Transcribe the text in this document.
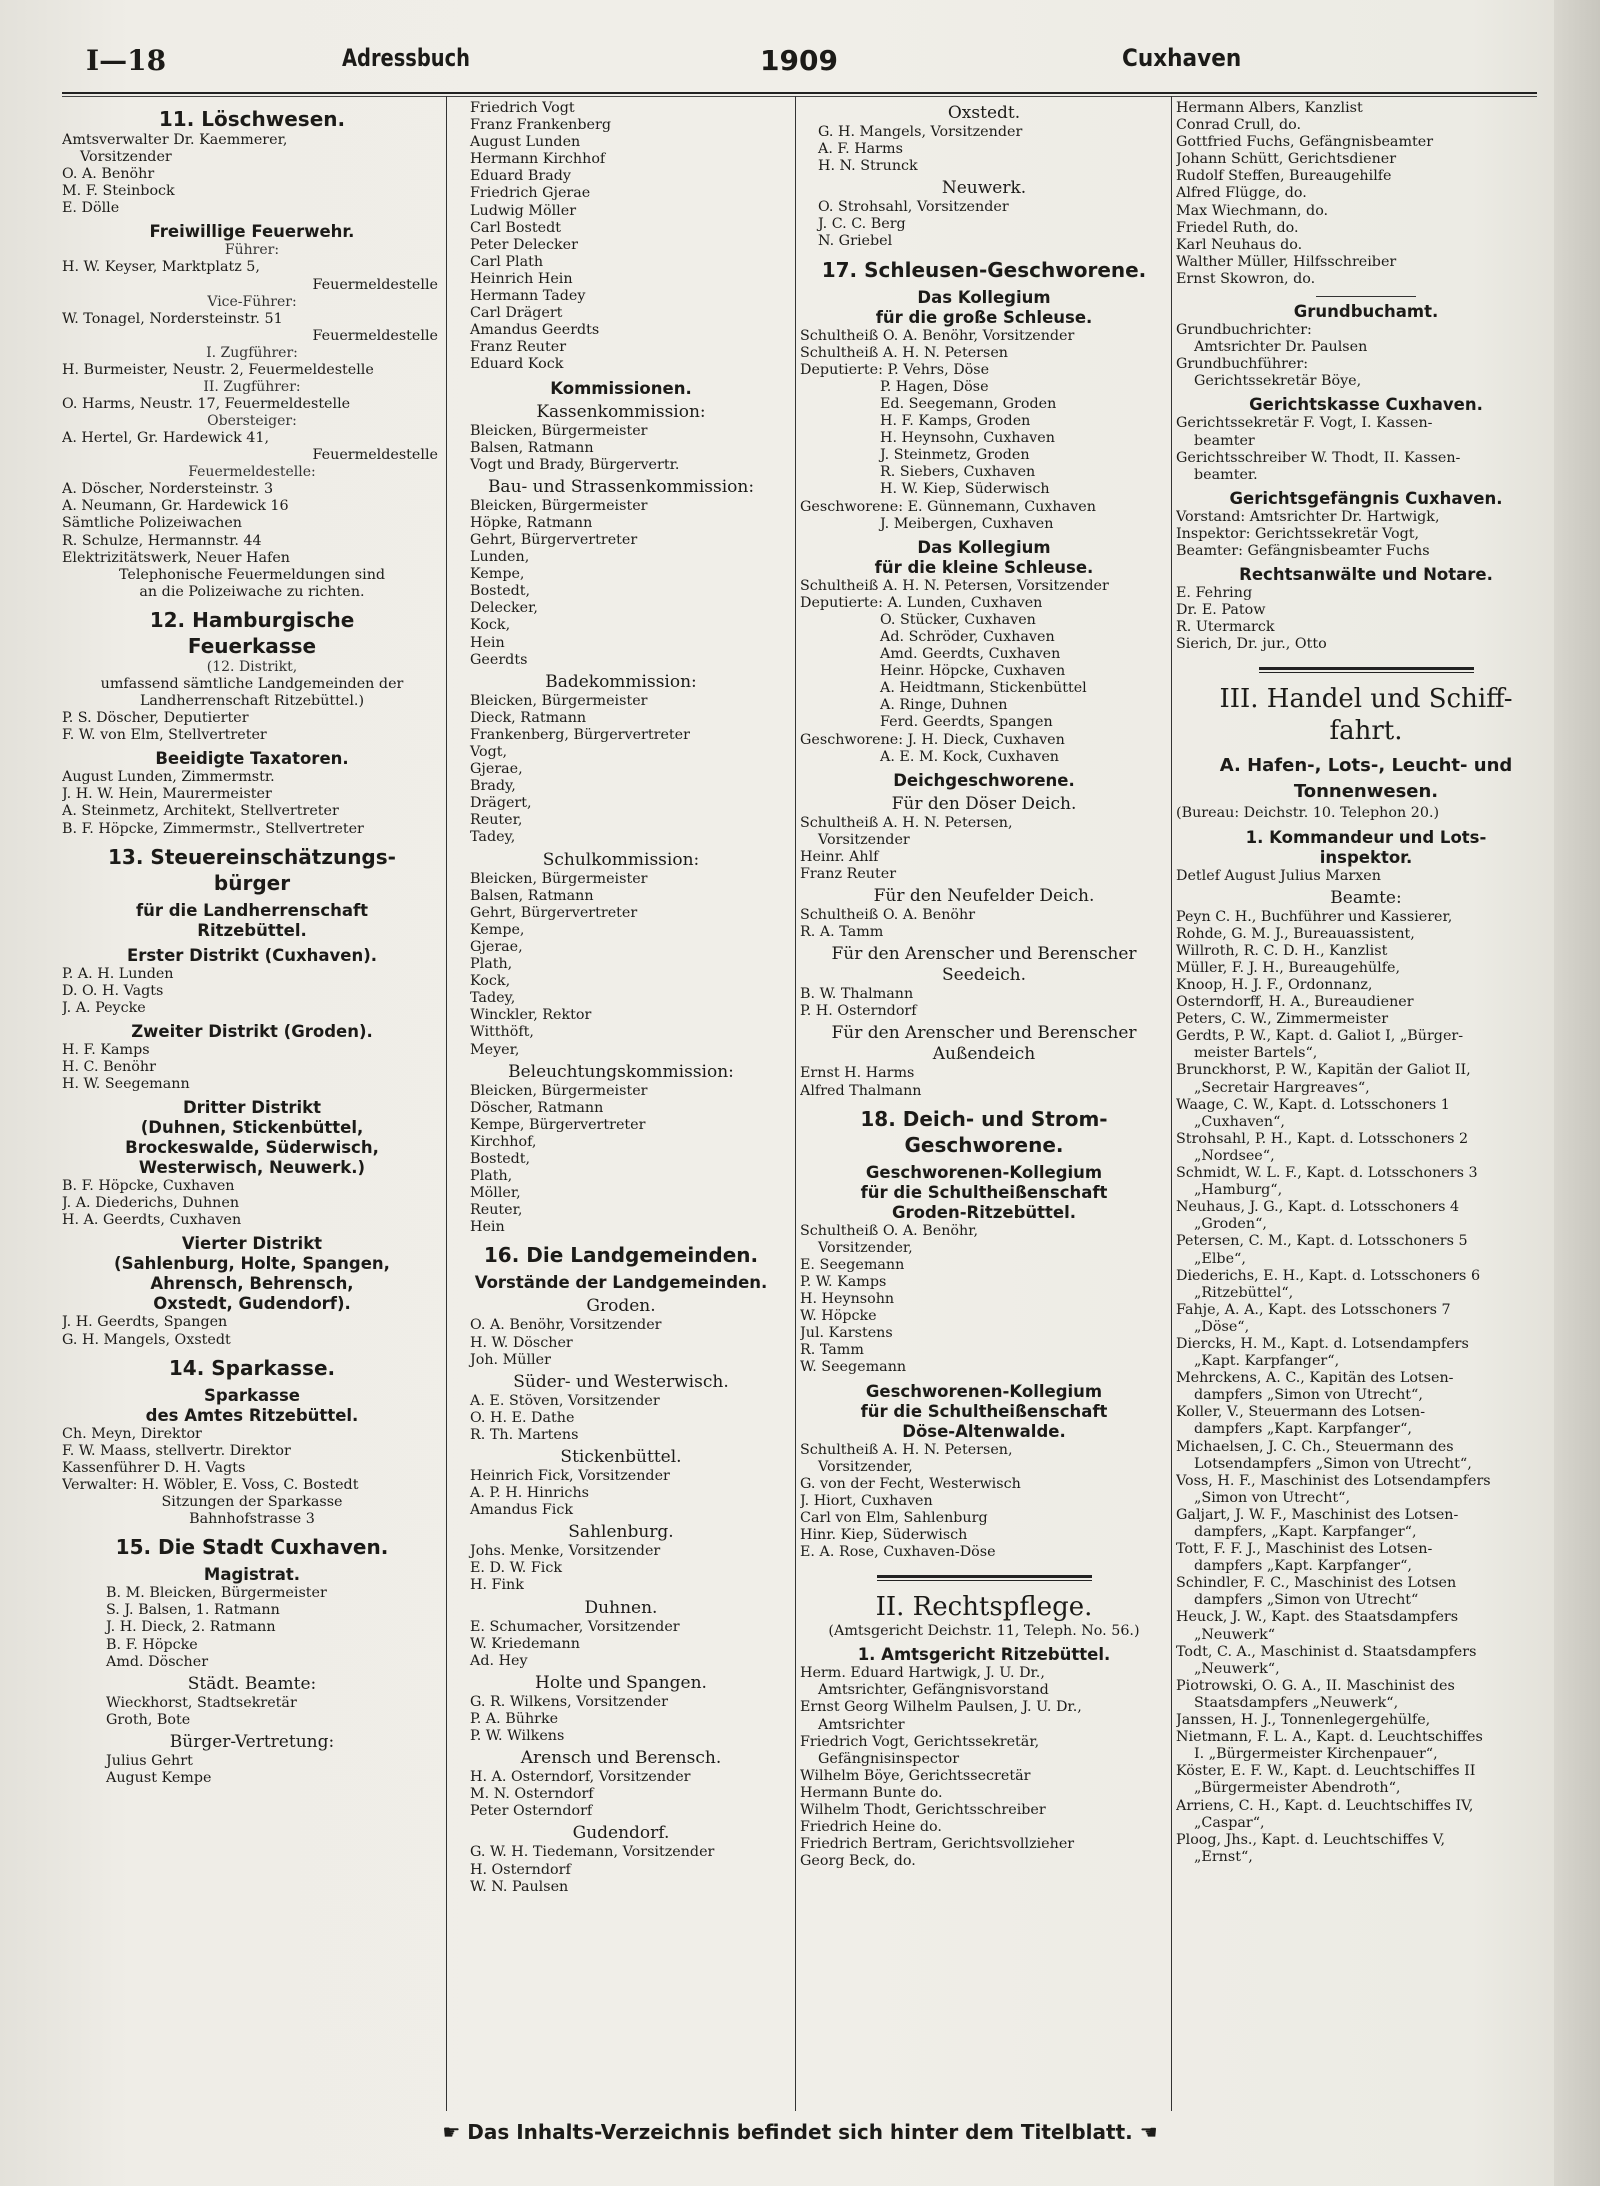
I—18	Adressbuch	1909	Cuxhaven
11. Löschwesen.
Amtsverwalter Dr. Kaemmerer,
Vorsitzender
O. A. Benöhr
M. F. Steinbock
E. Dölle
Freiwillige Feuerwehr.
Führer:
H. W. Keyser, Marktplatz 5,
Feuermeldestelle
Vice-Führer:
W. Tonagel, Nordersteinstr. 51
Feuermeldestelle
I. Zugführer:
H. Burmeister, Neustr. 2, Feuermeldestelle
II. Zugführer:
O. Harms, Neustr. 17, Feuermeldestelle
Obersteiger:
A. Hertel, Gr. Hardewick 41,
Feuermeldestelle
Feuermeldestelle:
A. Döscher, Nordersteinstr. 3
A. Neumann, Gr. Hardewick 16
Sämtliche Polizeiwachen
R. Schulze, Hermannstr. 44
Elektrizitätswerk, Neuer Hafen
Telephonische Feuermeldungen sind
an die Polizeiwache zu richten.
12. Hamburgische
Feuerkasse
(12. Distrikt,
umfassend sämtliche Landgemeinden der
Landherrenschaft Ritzebüttel.)
P. S. Döscher, Deputierter
F. W. von Elm, Stellvertreter
Beeidigte Taxatoren.
August Lunden, Zimmermstr.
J. H. W. Hein, Maurermeister
A. Steinmetz, Architekt, Stellvertreter
B. F. Höpcke, Zimmermstr., Stellvertreter
13. Steuereinschätzungs-
bürger
für die Landherrenschaft
Ritzebüttel.
Erster Distrikt (Cuxhaven).
P. A. H. Lunden
D. O. H. Vagts
J. A. Peycke
Zweiter Distrikt (Groden).
H. F. Kamps
H. C. Benöhr
H. W. Seegemann
Dritter Distrikt
(Duhnen, Stickenbüttel,
Brockeswalde, Süderwisch,
Westerwisch, Neuwerk.)
B. F. Höpcke, Cuxhaven
J. A. Diederichs, Duhnen
H. A. Geerdts, Cuxhaven
Vierter Distrikt
(Sahlenburg, Holte, Spangen,
Ahrensch, Behrensch,
Oxstedt, Gudendorf).
J. H. Geerdts, Spangen
G. H. Mangels, Oxstedt
14. Sparkasse.
Sparkasse
des Amtes Ritzebüttel.
Ch. Meyn, Direktor
F. W. Maass, stellvertr. Direktor
Kassenführer D. H. Vagts
Verwalter: H. Wöbler, E. Voss, C. Bostedt
Sitzungen der Sparkasse
Bahnhofstrasse 3
15. Die Stadt Cuxhaven.
Magistrat.
B. M. Bleicken, Bürgermeister
S. J. Balsen, 1. Ratmann
J. H. Dieck, 2. Ratmann
B. F. Höpcke
Amd. Döscher
Städt. Beamte:
Wieckhorst, Stadtsekretär
Groth, Bote
Bürger-Vertretung:
Julius Gehrt
August Kempe
Friedrich Vogt
Franz Frankenberg
August Lunden
Hermann Kirchhof
Eduard Brady
Friedrich Gjerae
Ludwig Möller
Carl Bostedt
Peter Delecker
Carl Plath
Heinrich Hein
Hermann Tadey
Carl Drägert
Amandus Geerdts
Franz Reuter
Eduard Kock
Kommissionen.
Kassenkommission:
Bleicken, Bürgermeister
Balsen, Ratmann
Vogt und Brady, Bürgervertr.
Bau- und Strassenkommission:
Bleicken, Bürgermeister
Höpke, Ratmann
Gehrt, Bürgervertreter
Lunden,
Kempe,
Bostedt,
Delecker,
Kock,
Hein
Geerdts
Badekommission:
Bleicken, Bürgermeister
Dieck, Ratmann
Frankenberg, Bürgervertreter
Vogt,
Gjerae,
Brady,
Drägert,
Reuter,
Tadey,
Schulkommission:
Bleicken, Bürgermeister
Balsen, Ratmann
Gehrt, Bürgervertreter
Kempe,
Gjerae,
Plath,
Kock,
Tadey,
Winckler, Rektor
Witthöft,
Meyer,
Beleuchtungskommission:
Bleicken, Bürgermeister
Döscher, Ratmann
Kempe, Bürgervertreter
Kirchhof,
Bostedt,
Plath,
Möller,
Reuter,
Hein
16. Die Landgemeinden.
Vorstände der Landgemeinden.
Groden.
O. A. Benöhr, Vorsitzender
H. W. Döscher
Joh. Müller
Süder- und Westerwisch.
A. E. Stöven, Vorsitzender
O. H. E. Dathe
R. Th. Martens
Stickenbüttel.
Heinrich Fick, Vorsitzender
A. P. H. Hinrichs
Amandus Fick
Sahlenburg.
Johs. Menke, Vorsitzender
E. D. W. Fick
H. Fink
Duhnen.
E. Schumacher, Vorsitzender
W. Kriedemann
Ad. Hey
Holte und Spangen.
G. R. Wilkens, Vorsitzender
P. A. Bührke
P. W. Wilkens
Arensch und Berensch.
H. A. Osterndorf, Vorsitzender
M. N. Osterndorf
Peter Osterndorf
Gudendorf.
G. W. H. Tiedemann, Vorsitzender
H. Osterndorf
W. N. Paulsen
Oxstedt.
G. H. Mangels, Vorsitzender
A. F. Harms
H. N. Strunck
Neuwerk.
O. Strohsahl, Vorsitzender
J. C. C. Berg
N. Griebel
17. Schleusen-Geschworene.
Das Kollegium
für die große Schleuse.
Schultheiß O. A. Benöhr, Vorsitzender
Schultheiß A. H. N. Petersen
Deputierte: P. Vehrs, Döse
P. Hagen, Döse
Ed. Seegemann, Groden
H. F. Kamps, Groden
H. Heynsohn, Cuxhaven
J. Steinmetz, Groden
R. Siebers, Cuxhaven
H. W. Kiep, Süderwisch
Geschworene: E. Günnemann, Cuxhaven
J. Meibergen, Cuxhaven
Das Kollegium
für die kleine Schleuse.
Schultheiß A. H. N. Petersen, Vorsitzender
Deputierte: A. Lunden, Cuxhaven
O. Stücker, Cuxhaven
Ad. Schröder, Cuxhaven
Amd. Geerdts, Cuxhaven
Heinr. Höpcke, Cuxhaven
A. Heidtmann, Stickenbüttel
A. Ringe, Duhnen
Ferd. Geerdts, Spangen
Geschworene: J. H. Dieck, Cuxhaven
A. E. M. Kock, Cuxhaven
Deichgeschworene.
Für den Döser Deich.
Schultheiß A. H. N. Petersen,
Vorsitzender
Heinr. Ahlf
Franz Reuter
Für den Neufelder Deich.
Schultheiß O. A. Benöhr
R. A. Tamm
Für den Arenscher und Berenscher
Seedeich.
B. W. Thalmann
P. H. Osterndorf
Für den Arenscher und Berenscher
Außendeich
Ernst H. Harms
Alfred Thalmann
18. Deich- und Strom-
Geschworene.
Geschworenen-Kollegium
für die Schultheißenschaft
Groden-Ritzebüttel.
Schultheiß O. A. Benöhr,
Vorsitzender,
E. Seegemann
P. W. Kamps
H. Heynsohn
W. Höpcke
Jul. Karstens
R. Tamm
W. Seegemann
Geschworenen-Kollegium
für die Schultheißenschaft
Döse-Altenwalde.
Schultheiß A. H. N. Petersen,
Vorsitzender,
G. von der Fecht, Westerwisch
J. Hiort, Cuxhaven
Carl von Elm, Sahlenburg
Hinr. Kiep, Süderwisch
E. A. Rose, Cuxhaven-Döse
II. Rechtspflege.
(Amtsgericht Deichstr. 11, Teleph. No. 56.)
1. Amtsgericht Ritzebüttel.
Herm. Eduard Hartwigk, J. U. Dr.,
Amtsrichter, Gefängnisvorstand
Ernst Georg Wilhelm Paulsen, J. U. Dr.,
Amtsrichter
Friedrich Vogt, Gerichtssekretär,
Gefängnisinspector
Wilhelm Böye, Gerichtssecretär
Hermann Bunte do.
Wilhelm Thodt, Gerichtsschreiber
Friedrich Heine do.
Friedrich Bertram, Gerichtsvollzieher
Georg Beck, do.
Hermann Albers, Kanzlist
Conrad Crull, do.
Gottfried Fuchs, Gefängnisbeamter
Johann Schütt, Gerichtsdiener
Rudolf Steffen, Bureaugehilfe
Alfred Flügge, do.
Max Wiechmann, do.
Friedel Ruth, do.
Karl Neuhaus do.
Walther Müller, Hilfsschreiber
Ernst Skowron, do.
Grundbuchamt.
Grundbuchrichter:
Amtsrichter Dr. Paulsen
Grundbuchführer:
Gerichtssekretär Böye,
Gerichtskasse Cuxhaven.
Gerichtssekretär F. Vogt, I. Kassen-
beamter
Gerichtsschreiber W. Thodt, II. Kassen-
beamter.
Gerichtsgefängnis Cuxhaven.
Vorstand: Amtsrichter Dr. Hartwigk,
Inspektor: Gerichtssekretär Vogt,
Beamter: Gefängnisbeamter Fuchs
Rechtsanwälte und Notare.
E. Fehring
Dr. E. Patow
R. Utermarck
Sierich, Dr. jur., Otto
III. Handel und Schiff-
fahrt.
A. Hafen-, Lots-, Leucht- und
Tonnenwesen.
(Bureau: Deichstr. 10. Telephon 20.)
1. Kommandeur und Lots-
inspektor.
Detlef August Julius Marxen
Beamte:
Peyn C. H., Buchführer und Kassierer,
Rohde, G. M. J., Bureauassistent,
Willroth, R. C. D. H., Kanzlist
Müller, F. J. H., Bureaugehülfe,
Knoop, H. J. F., Ordonnanz,
Osterndorff, H. A., Bureaudiener
Peters, C. W., Zimmermeister
Gerdts, P. W., Kapt. d. Galiot I, „Bürger-
meister Bartels“,
Brunckhorst, P. W., Kapitän der Galiot II,
„Secretair Hargreaves“,
Waage, C. W., Kapt. d. Lotsschoners 1
„Cuxhaven“,
Strohsahl, P. H., Kapt. d. Lotsschoners 2
„Nordsee“,
Schmidt, W. L. F., Kapt. d. Lotsschoners 3
„Hamburg“,
Neuhaus, J. G., Kapt. d. Lotsschoners 4
„Groden“,
Petersen, C. M., Kapt. d. Lotsschoners 5
„Elbe“,
Diederichs, E. H., Kapt. d. Lotsschoners 6
„Ritzebüttel“,
Fahje, A. A., Kapt. des Lotsschoners 7
„Döse“,
Diercks, H. M., Kapt. d. Lotsendampfers
„Kapt. Karpfanger“,
Mehrckens, A. C., Kapitän des Lotsen-
dampfers „Simon von Utrecht“,
Koller, V., Steuermann des Lotsen-
dampfers „Kapt. Karpfanger“,
Michaelsen, J. C. Ch., Steuermann des
Lotsendampfers „Simon von Utrecht“,
Voss, H. F., Maschinist des Lotsendampfers
„Simon von Utrecht“,
Galjart, J. W. F., Maschinist des Lotsen-
dampfers, „Kapt. Karpfanger“,
Tott, F. F. J., Maschinist des Lotsen-
dampfers „Kapt. Karpfanger“,
Schindler, F. C., Maschinist des Lotsen
dampfers „Simon von Utrecht“
Heuck, J. W., Kapt. des Staatsdampfers
„Neuwerk“
Todt, C. A., Maschinist d. Staatsdampfers
„Neuwerk“,
Piotrowski, O. G. A., II. Maschinist des
Staatsdampfers „Neuwerk“,
Janssen, H. J., Tonnenlegergehülfe,
Nietmann, F. L. A., Kapt. d. Leuchtschiffes
I. „Bürgermeister Kirchenpauer“,
Köster, E. F. W., Kapt. d. Leuchtschiffes II
„Bürgermeister Abendroth“,
Arriens, C. H., Kapt. d. Leuchtschiffes IV,
„Caspar“,
Ploog, Jhs., Kapt. d. Leuchtschiffes V,
„Ernst“,
☛ Das Inhalts-Verzeichnis befindet sich hinter dem Titelblatt. ☚
